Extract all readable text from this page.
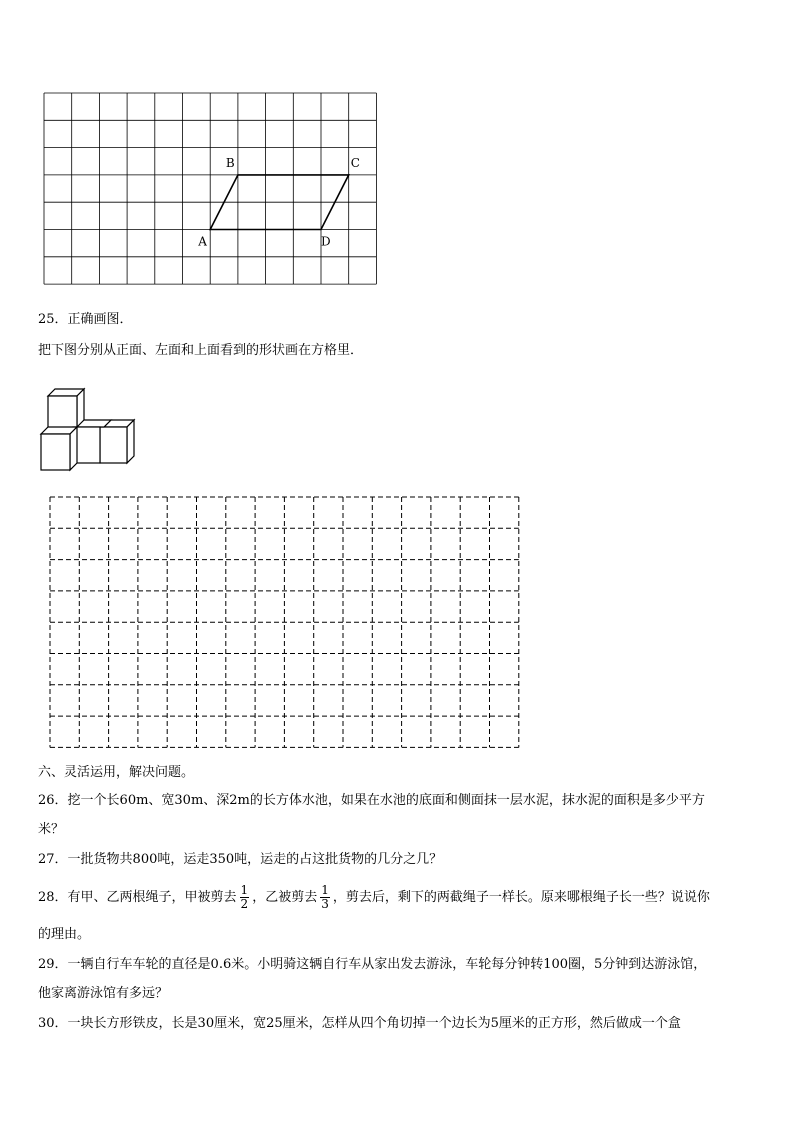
A
B	C
D
25．正确画图．
把下图分别从正面、左面和上面看到的形状画在方格里．
六、灵活运用，解决问题。
26．挖一个长60m、宽30m、深2m的长方体水池，如果在水池的底面和侧面抹一层水泥，抹水泥的面积是多少平方
米？
27．一批货物共800吨，运走350吨，运走的占这批货物的几分之几？
28．有甲、乙两根绳子，甲被剪去 $\frac{1}{2}$ ，乙被剪去 $\frac{1}{3}$ ，剪去后，剩下的两截绳子一样长。原来哪根绳子长一些？说说你
的理由。
29．一辆自行车车轮的直径是0.6米。小明骑这辆自行车从家出发去游泳，车轮每分钟转100圈，5分钟到达游泳馆，
他家离游泳馆有多远？
30．一块长方形铁皮，长是30厘米，宽25厘米，怎样从四个角切掉一个边长为5厘米的正方形，然后做成一个盒
